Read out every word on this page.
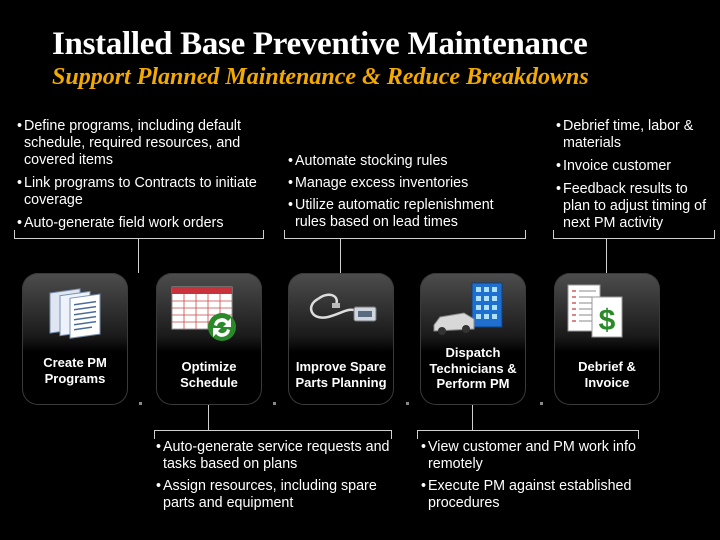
Installed Base Preventive Maintenance
Support Planned Maintenance & Reduce Breakdowns
• Define programs, including default schedule, required resources, and covered items
• Link programs to Contracts to initiate coverage
• Auto-generate field work orders
• Automate stocking rules
• Manage excess inventories
• Utilize automatic replenishment rules based on lead times
• Debrief time, labor & materials
• Invoice customer
• Feedback results to plan to adjust timing of next PM activity
Create PM Programs
Optimize Schedule
Improve Spare Parts Planning
Dispatch Technicians & Perform PM
$
Debrief & Invoice
• Auto-generate service requests and tasks based on plans
• Assign resources, including spare parts and equipment
• View customer and PM work info remotely
• Execute PM against established procedures
